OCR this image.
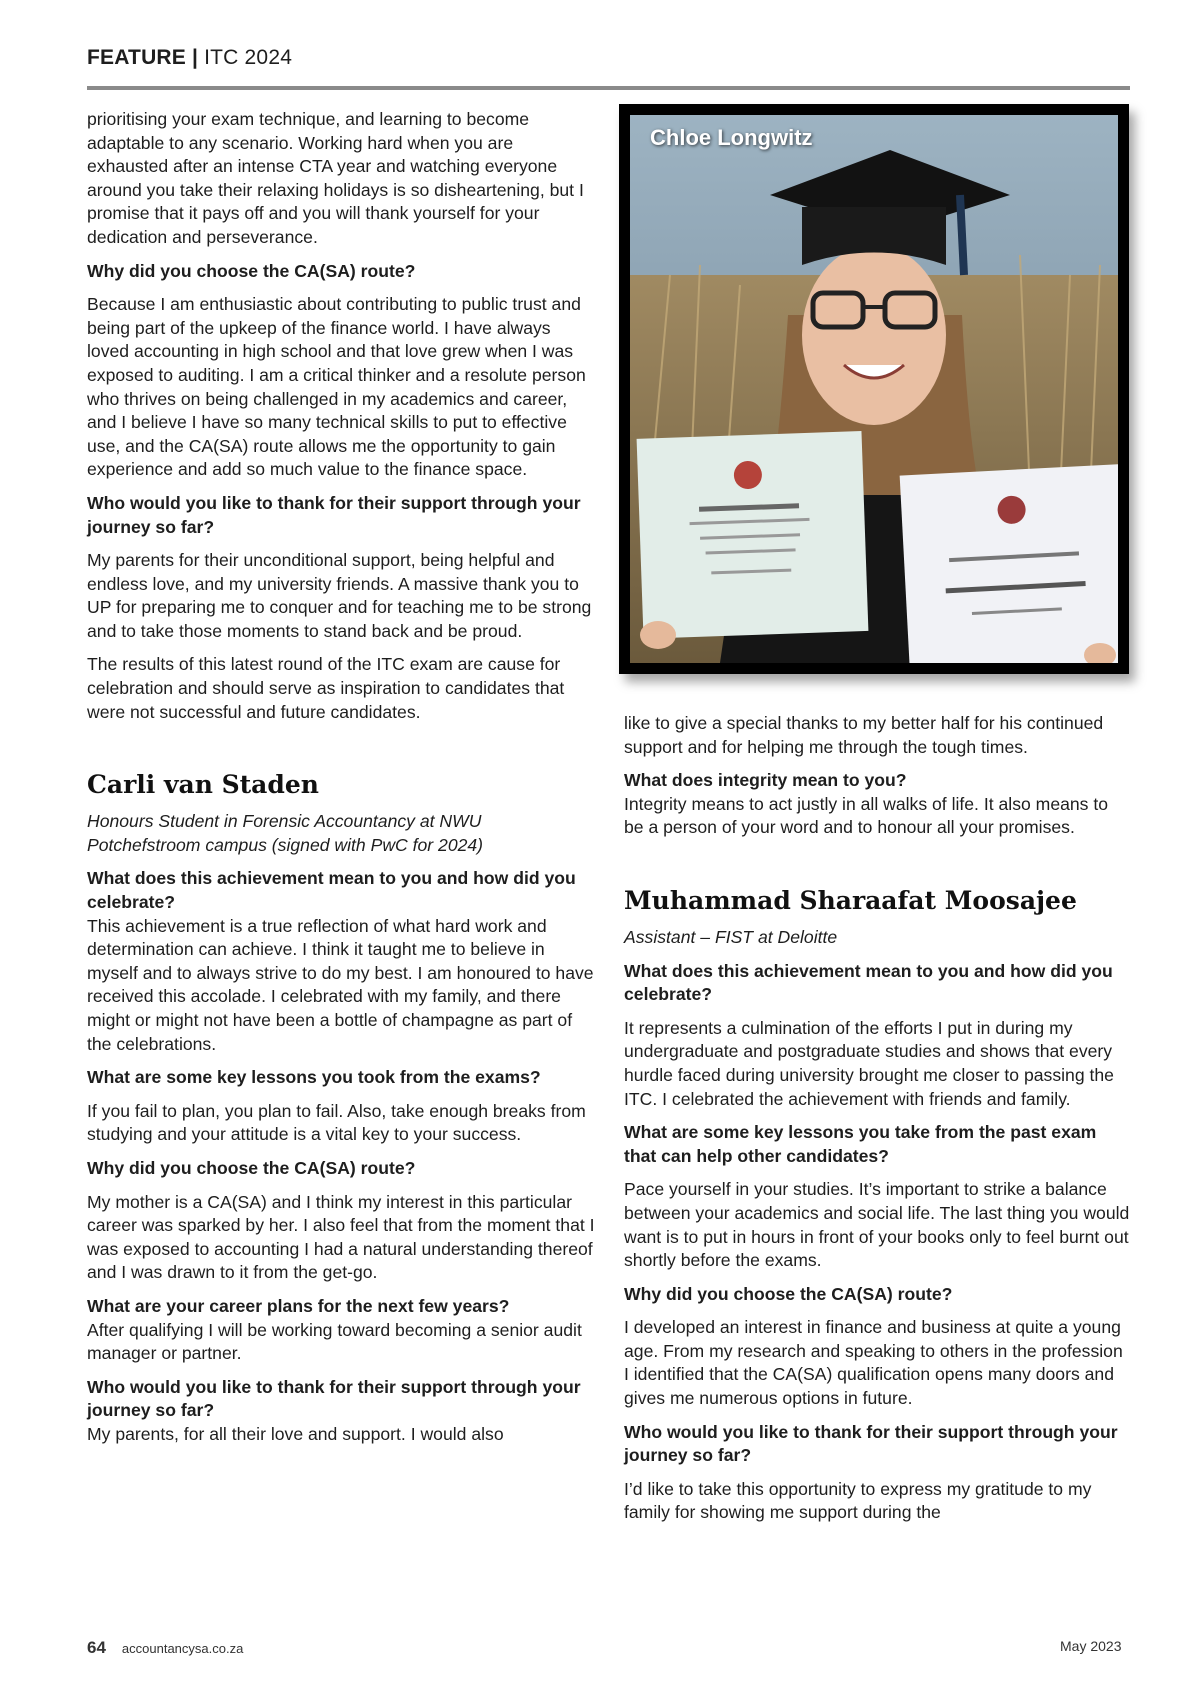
FEATURE | ITC 2024
Chloe Longwitz

prioritising your exam technique, and learning to become adaptable to any scenario. Working hard when you are exhausted after an intense CTA year and watching everyone around you take their relaxing holidays is so disheartening, but I promise that it pays off and you will thank yourself for your dedication and perseverance.

Why did you choose the CA(SA) route?

Because I am enthusiastic about contributing to public trust and being part of the upkeep of the finance world. I have always loved accounting in high school and that love grew when I was exposed to auditing. I am a critical thinker and a resolute person who thrives on being challenged in my academics and career, and I believe I have so many technical skills to put to effective use, and the CA(SA) route allows me the opportunity to gain experience and add so much value to the finance space.

Who would you like to thank for their support through your journey so far?

My parents for their unconditional support, being helpful and endless love, and my university friends. A massive thank you to UP for preparing me to conquer and for teaching me to be strong and to take those moments to stand back and be proud.

The results of this latest round of the ITC exam are cause for celebration and should serve as inspiration to candidates that were not successful and future candidates.

Carli van Staden

Honours Student in Forensic Accountancy at NWU Potchefstroom campus (signed with PwC for 2024)

What does this achievement mean to you and how did you celebrate?

This achievement is a true reflection of what hard work and determination can achieve. I think it taught me to believe in myself and to always strive to do my best. I am honoured to have received this accolade. I celebrated with my family, and there might or might not have been a bottle of champagne as part of the celebrations.

What are some key lessons you took from the exams?

If you fail to plan, you plan to fail. Also, take enough breaks from studying and your attitude is a vital key to your success.

Why did you choose the CA(SA) route?

My mother is a CA(SA) and I think my interest in this particular career was sparked by her. I also feel that from the moment that I was exposed to accounting I had a natural understanding thereof and I was drawn to it from the get-go.

What are your career plans for the next few years?

After qualifying I will be working toward becoming a senior audit manager or partner.

Who would you like to thank for their support through your journey so far?

My parents, for all their love and support. I would also

like to give a special thanks to my better half for his continued support and for helping me through the tough times.

What does integrity mean to you?

Integrity means to act justly in all walks of life. It also means to be a person of your word and to honour all your promises.

Muhammad Sharaafat Moosajee

Assistant – FIST at Deloitte

What does this achievement mean to you and how did you celebrate?

It represents a culmination of the efforts I put in during my undergraduate and postgraduate studies and shows that every hurdle faced during university brought me closer to passing the ITC. I celebrated the achievement with friends and family.

What are some key lessons you take from the past exam that can help other candidates?

Pace yourself in your studies. It’s important to strike a balance between your academics and social life. The last thing you would want is to put in hours in front of your books only to feel burnt out shortly before the exams.

Why did you choose the CA(SA) route?

I developed an interest in finance and business at quite a young age. From my research and speaking to others in the profession I identified that the CA(SA) qualification opens many doors and gives me numerous options in future.

Who would you like to thank for their support through your journey so far?

I’d like to take this opportunity to express my gratitude to my family for showing me support during the

64 accountancysa.co.za	May 2023
